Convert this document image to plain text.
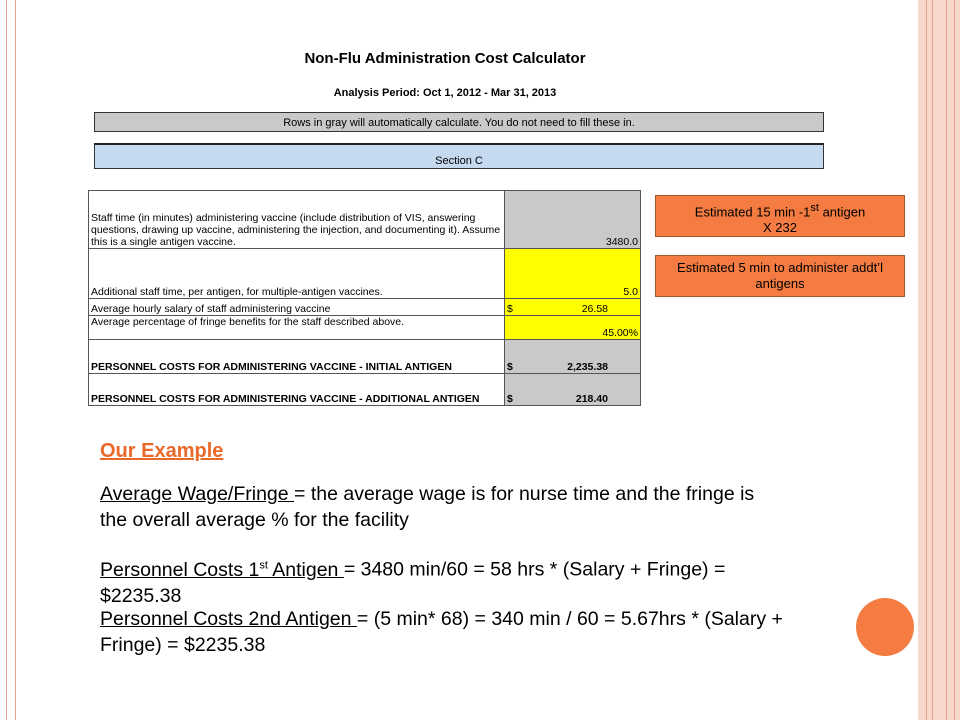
Non-Flu Administration Cost Calculator
Analysis Period: Oct 1, 2012 - Mar 31, 2013
Rows in gray will automatically calculate. You do not need to fill these in.
Section C
Staff time (in minutes) administering vaccine (include distribution of VIS, answering questions, drawing up vaccine, administering the injection, and documenting it). Assume this is a single antigen vaccine.	3480.0
Additional staff time, per antigen, for multiple-antigen vaccines.	5.0
Average hourly salary of staff administering vaccine	$ 26.58

Average percentage of fringe benefits for the staff described above.	45.00%
PERSONNEL COSTS FOR ADMINISTERING VACCINE - INITIAL ANTIGEN	$ 2,235.38

PERSONNEL COSTS FOR ADMINISTERING VACCINE - ADDITIONAL ANTIGEN	$ 218.40
Estimated 15 min -1st antigen
X 232
Estimated 5 min to administer addt’l antigens
Our Example
Average Wage/Fringe = the average wage is for nurse time and the fringe is the overall average % for the facility
Personnel Costs 1st Antigen = 3480 min/60 = 58 hrs * (Salary + Fringe) = $2235.38
Personnel Costs 2nd Antigen = (5 min* 68) = 340 min / 60 = 5.67hrs * (Salary + Fringe) = $2235.38
